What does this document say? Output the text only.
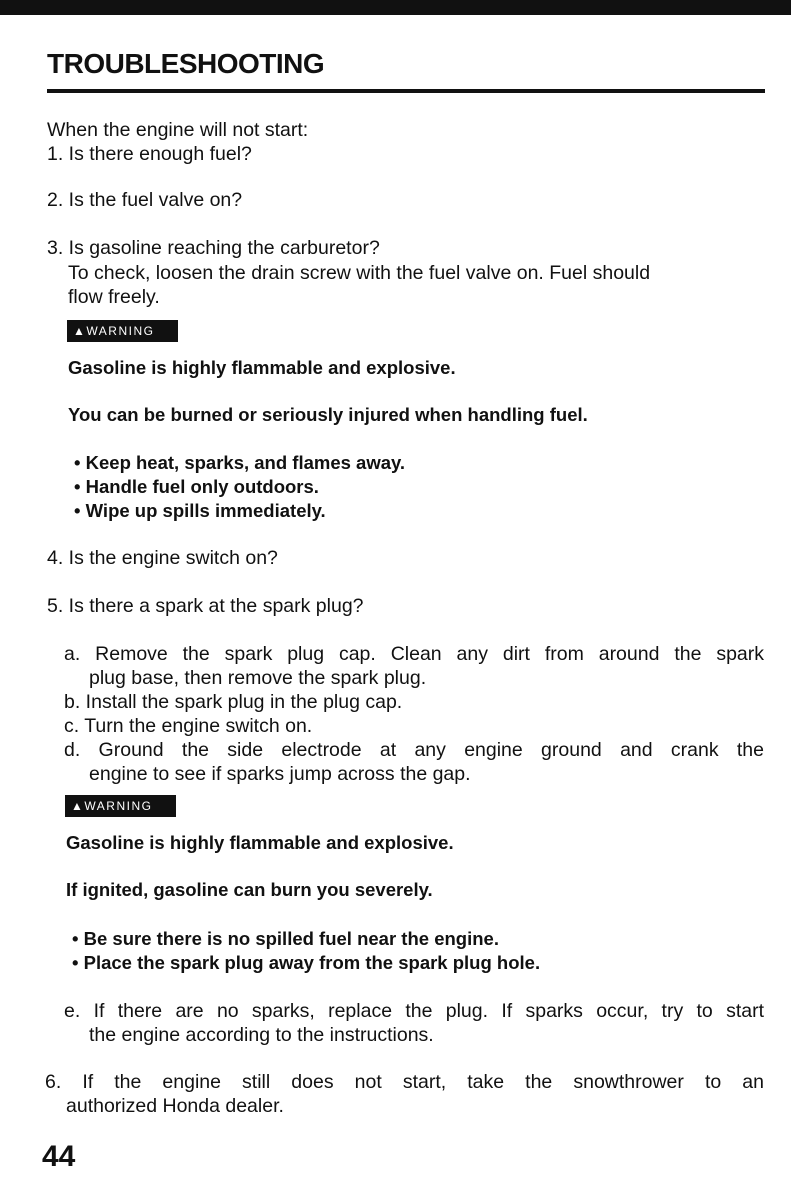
TROUBLESHOOTING
When the engine will not start:
1. Is there enough fuel?
2. Is the fuel valve on?
3. Is gasoline reaching the carburetor?
To check, loosen the drain screw with the fuel valve on. Fuel should
flow freely.
▲WARNING
Gasoline is highly flammable and explosive.
You can be burned or seriously injured when handling fuel.
• Keep heat, sparks, and flames away.
• Handle fuel only outdoors.
• Wipe up spills immediately.
4. Is the engine switch on?
5. Is there a spark at the spark plug?
a. Remove the spark plug cap. Clean any dirt from around the spark
plug base, then remove the spark plug.
b. Install the spark plug in the plug cap.
c. Turn the engine switch on.
d. Ground the side electrode at any engine ground and crank the
engine to see if sparks jump across the gap.
▲WARNING
Gasoline is highly flammable and explosive.
If ignited, gasoline can burn you severely.
• Be sure there is no spilled fuel near the engine.
• Place the spark plug away from the spark plug hole.
e. If there are no sparks, replace the plug. If sparks occur, try to start
the engine according to the instructions.
6. If the engine still does not start, take the snowthrower to an
authorized Honda dealer.
44
